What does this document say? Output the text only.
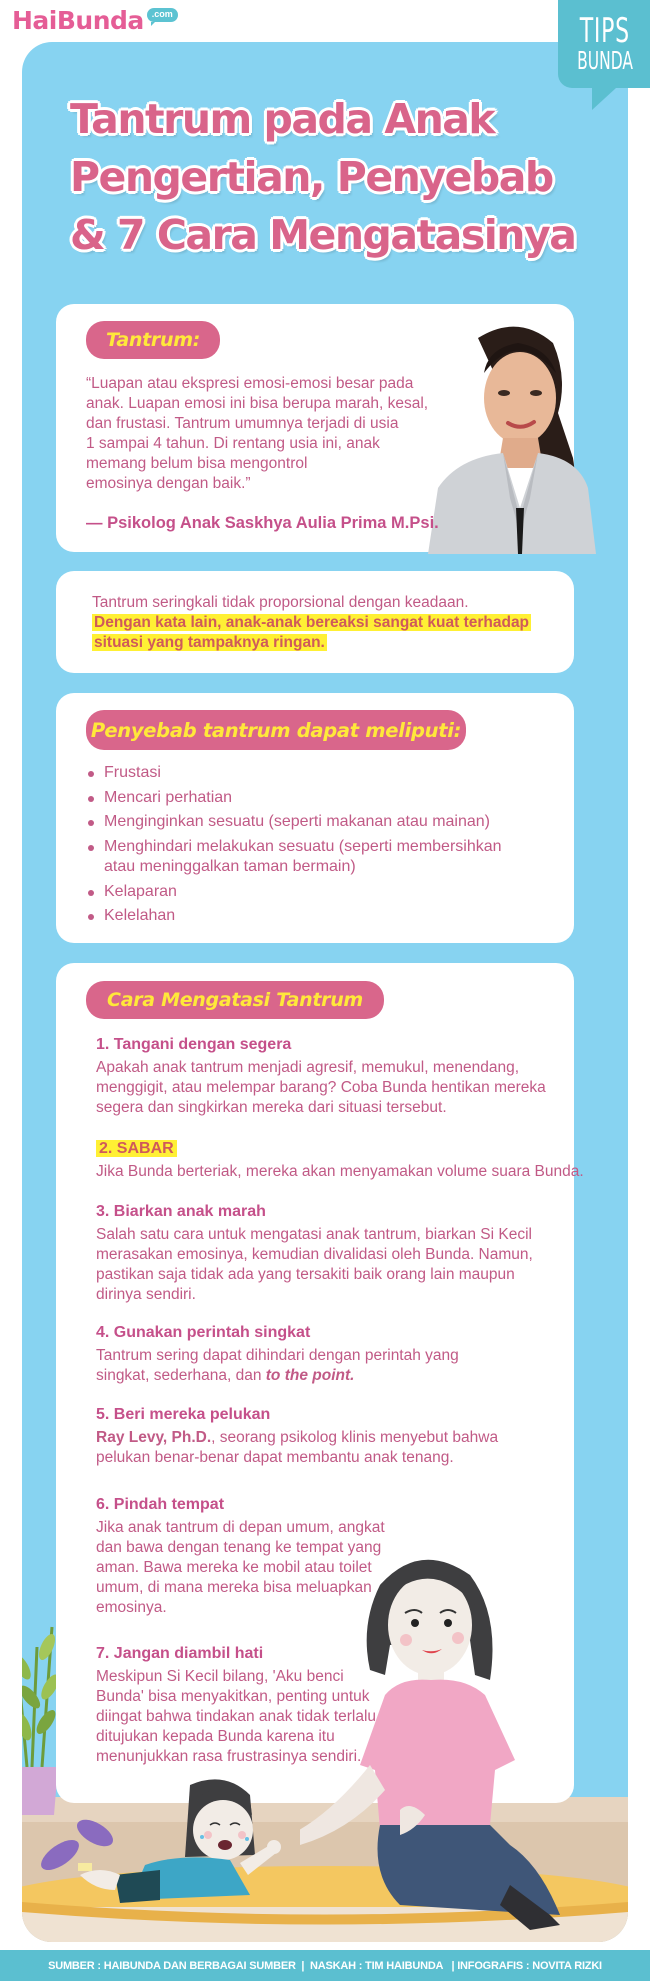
HaiBunda .com	TIPS
BUNDA
Tantrum pada Anak
Pengertian, Penyebab
& 7 Cara Mengatasinya
Tantrum:
“Luapan atau ekspresi emosi-emosi besar pada
anak. Luapan emosi ini bisa berupa marah, kesal,
dan frustasi. Tantrum umumnya terjadi di usia
1 sampai 4 tahun. Di rentang usia ini, anak
memang belum bisa mengontrol
emosinya dengan baik.”
— Psikolog Anak Saskhya Aulia Prima M.Psi.
Tantrum seringkali tidak proporsional dengan keadaan.
Dengan kata lain, anak-anak bereaksi sangat kuat terhadap
situasi yang tampaknya ringan.
Penyebab tantrum dapat meliputi:
Frustasi
Mencari perhatian
Menginginkan sesuatu (seperti makanan atau mainan)
Menghindari melakukan sesuatu (seperti membersihkan atau meninggalkan taman bermain)
Kelaparan
Kelelahan
Cara Mengatasi Tantrum
1. Tangani dengan segera
Apakah anak tantrum menjadi agresif, memukul, menendang, menggigit, atau melempar barang? Coba Bunda hentikan mereka segera dan singkirkan mereka dari situasi tersebut.
2. SABAR
Jika Bunda berteriak, mereka akan menyamakan volume suara Bunda.
3. Biarkan anak marah
Salah satu cara untuk mengatasi anak tantrum, biarkan Si Kecil merasakan emosinya, kemudian divalidasi oleh Bunda. Namun, pastikan saja tidak ada yang tersakiti baik orang lain maupun dirinya sendiri.
4. Gunakan perintah singkat
Tantrum sering dapat dihindari dengan perintah yang singkat, sederhana, dan to the point.
5. Beri mereka pelukan
Ray Levy, Ph.D., seorang psikolog klinis menyebut bahwa pelukan benar-benar dapat membantu anak tenang.
6. Pindah tempat
Jika anak tantrum di depan umum, angkat dan bawa dengan tenang ke tempat yang aman. Bawa mereka ke mobil atau toilet umum, di mana mereka bisa meluapkan emosinya.
7. Jangan diambil hati
Meskipun Si Kecil bilang, 'Aku benci Bunda' bisa menyakitkan, penting untuk diingat bahwa tindakan anak tidak terlalu ditujukan kepada Bunda karena itu menunjukkan rasa frustrasinya sendiri.
SUMBER : HAIBUNDA DAN BERBAGAI SUMBER  |  NASKAH : TIM HAIBUNDA   | INFOGRAFIS : NOVITA RIZKI
